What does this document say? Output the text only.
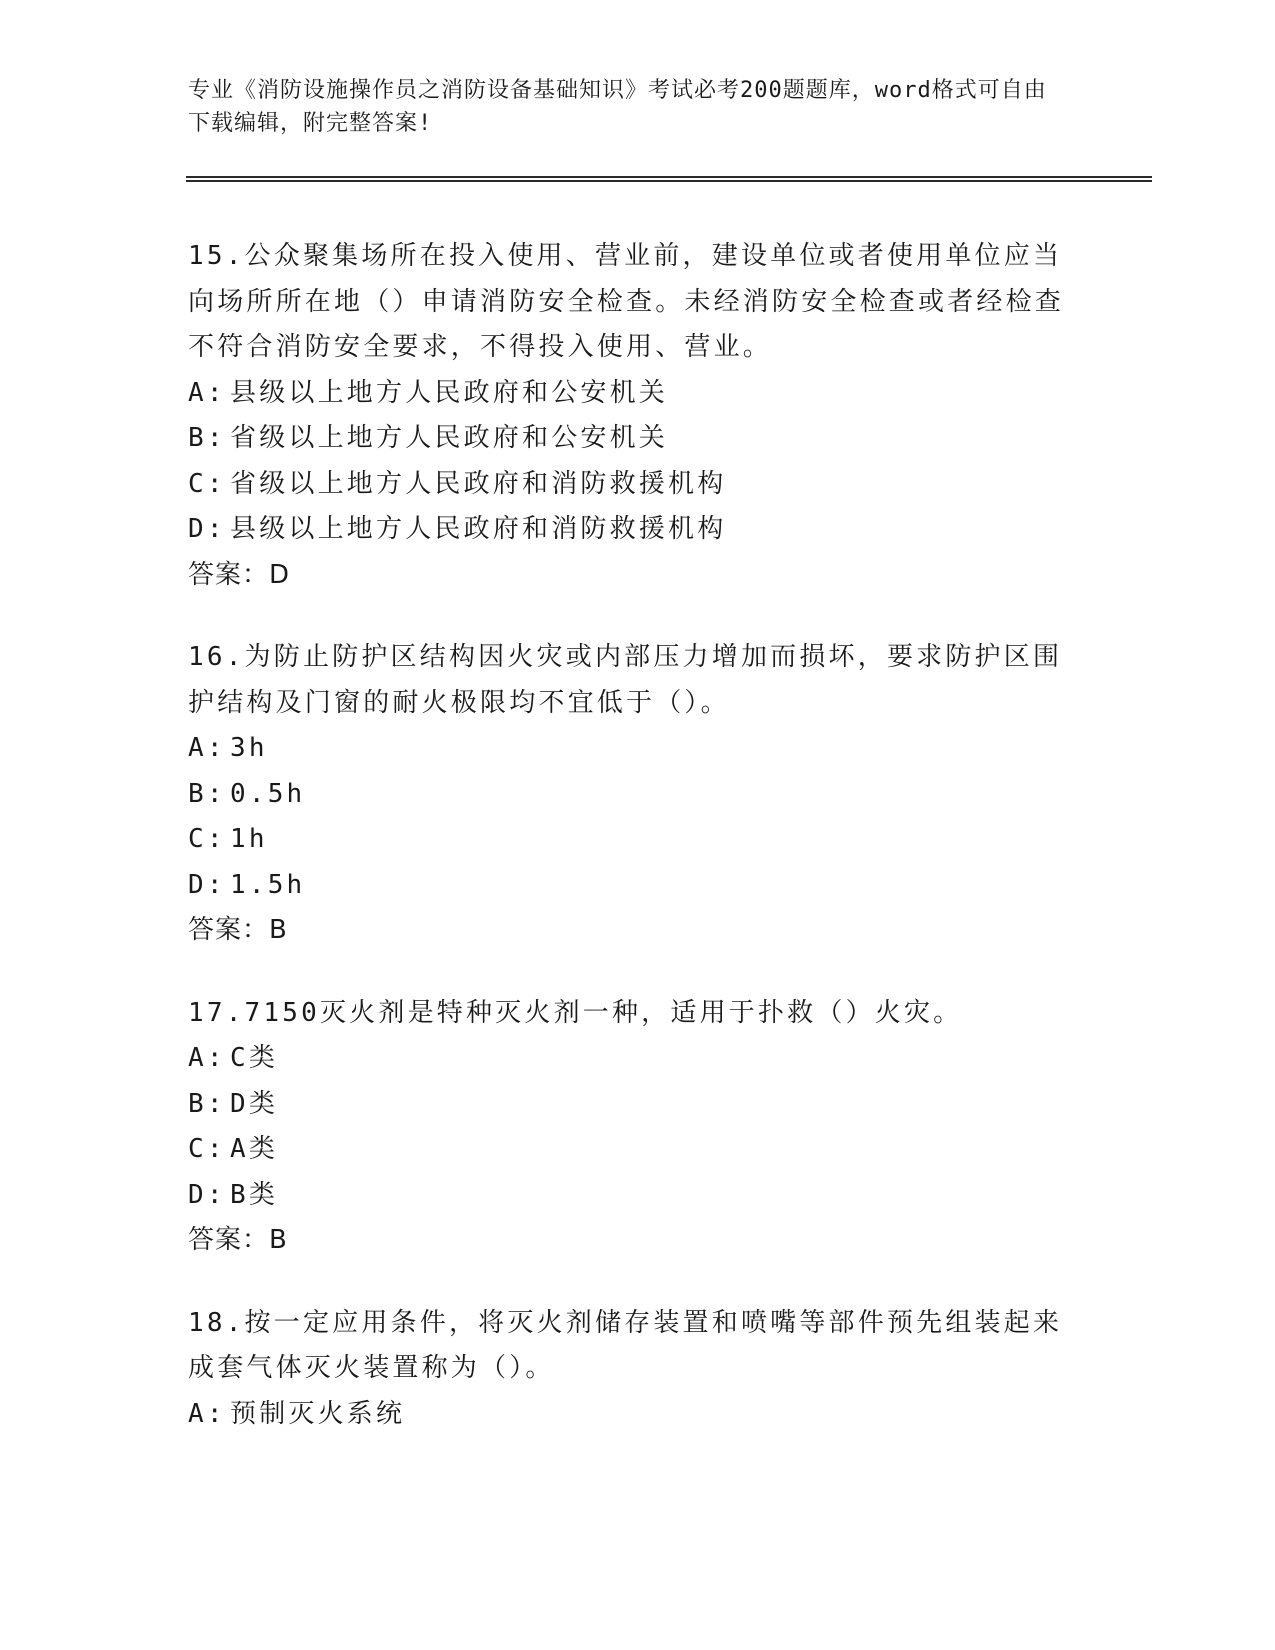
专业《消防设施操作员之消防设备基础知识》考试必考200题题库，word格式可自由下载编辑，附完整答案!

15.公众聚集场所在投入使用、营业前，建设单位或者使用单位应当向场所所在地（）申请消防安全检查。未经消防安全检查或者经检查不符合消防安全要求，不得投入使用、营业。

A: 县级以上地方人民政府和公安机关

B: 省级以上地方人民政府和公安机关

C: 省级以上地方人民政府和消防救援机构

D: 县级以上地方人民政府和消防救援机构

答案：D

16.为防止防护区结构因火灾或内部压力增加而损坏，要求防护区围护结构及门窗的耐火极限均不宜低于（）。

A: 3h

B: 0.5h

C: 1h

D: 1.5h

答案：B

17.7150灭火剂是特种灭火剂一种，适用于扑救（）火灾。

A: C类

B: D类

C: A类

D: B类

答案：B

18.按一定应用条件，将灭火剂储存装置和喷嘴等部件预先组装起来成套气体灭火装置称为（）。

A: 预制灭火系统
